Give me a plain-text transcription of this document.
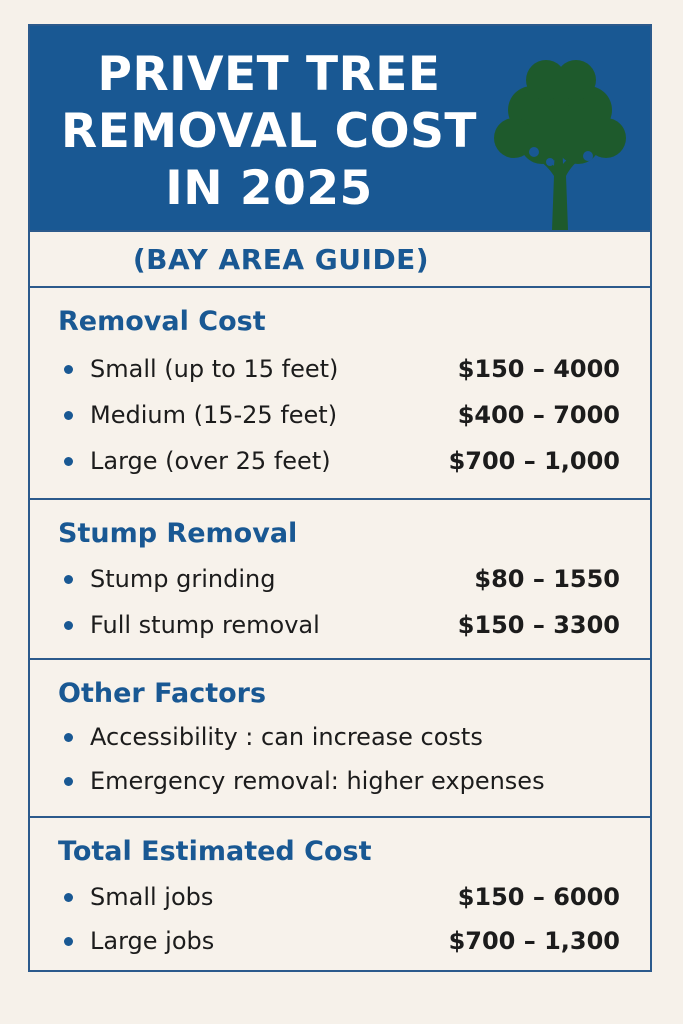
PRIVET TREE
REMOVAL COST
IN 2025
(BAY AREA GUIDE)
Removal Cost
Small (up to 15 feet)	$150 – 4000
Medium (15-25 feet)	$400 – 7000
Large (over 25 feet)	$700 – 1,000
Stump Removal
Stump grinding	$80 – 1550
Full stump removal	$150 – 3300
Other Factors
Accessibility : can increase costs
Emergency removal: higher expenses
Total Estimated Cost
Small jobs	$150 – 6000
Large jobs	$700 – 1,300
